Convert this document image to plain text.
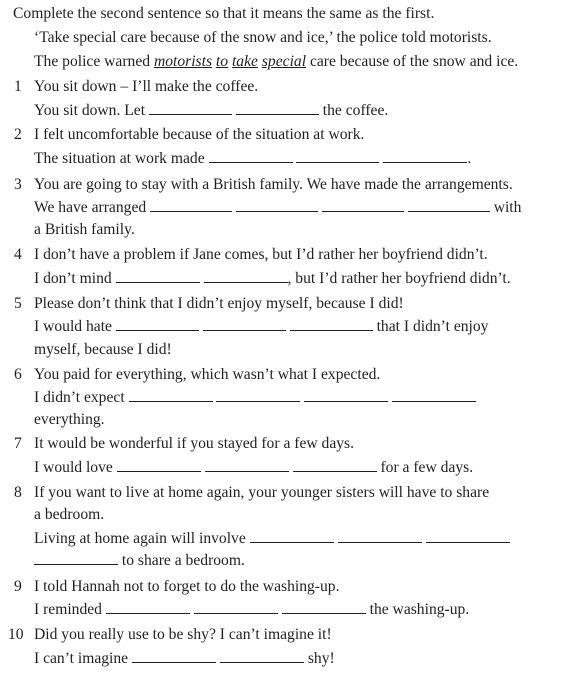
Complete the second sentence so that it means the same as the first.
‘Take special care because of the snow and ice,’ the police told motorists.
The police warned motorists to take special care because of the snow and ice.
1 You sit down – I’ll make the coffee.
You sit down. Let	the coffee.
2 I felt uncomfortable because of the situation at work.
The situation at work made	.
3 You are going to stay with a British family. We have made the arrangements.
We have arranged	with
a British family.
4 I don’t have a problem if Jane comes, but I’d rather her boyfriend didn’t.
I don’t mind	, but I’d rather her boyfriend didn’t.
5 Please don’t think that I didn’t enjoy myself, because I did!
I would hate	that I didn’t enjoy
myself, because I did!
6 You paid for everything, which wasn’t what I expected.
I didn’t expect
everything.
7 It would be wonderful if you stayed for a few days.
I would love	for a few days.
8 If you want to live at home again, your younger sisters will have to share
a bedroom.
Living at home again will involve
to share a bedroom.
9 I told Hannah not to forget to do the washing-up.
I reminded	the washing-up.
10 Did you really use to be shy? I can’t imagine it!
I can’t imagine	shy!
